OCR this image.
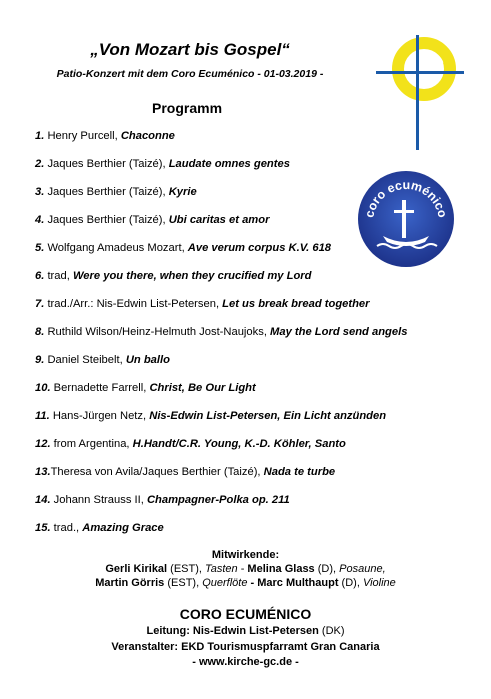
„Von Mozart bis Gospel“
Patio-Konzert mit dem Coro Ecuménico - 01-03.2019 -
Programm
1. Henry Purcell, Chaconne
2. Jaques Berthier (Taizé), Laudate omnes gentes
3. Jaques Berthier (Taizé), Kyrie
4. Jaques Berthier (Taizé), Ubi caritas et amor
5. Wolfgang Amadeus Mozart, Ave verum corpus K.V. 618
6. trad, Were you there, when they crucified my Lord
7. trad./Arr.: Nis-Edwin List-Petersen, Let us break bread together
8. Ruthild Wilson/Heinz-Helmuth Jost-Naujoks, May the Lord send angels
9. Daniel Steibelt, Un ballo
10. Bernadette Farrell, Christ, Be Our Light
11. Hans-Jürgen Netz, Nis-Edwin List-Petersen, Ein Licht anzünden
12. from Argentina, H.Handt/C.R. Young, K.-D. Köhler, Santo
13.Theresa von Avila/Jaques Berthier (Taizé), Nada te turbe
14. Johann Strauss II, Champagner-Polka op. 211
15. trad., Amazing Grace
Mitwirkende:
Gerli Kirikal (EST), Tasten - Melina Glass (D), Posaune,
Martin Görris (EST), Querflöte - Marc Multhaupt (D), Violine
CORO ECUMÉNICO
Leitung: Nis-Edwin List-Petersen (DK)
Veranstalter: EKD Tourismuspfarramt Gran Canaria
- www.kirche-gc.de -
coro ecuménico
